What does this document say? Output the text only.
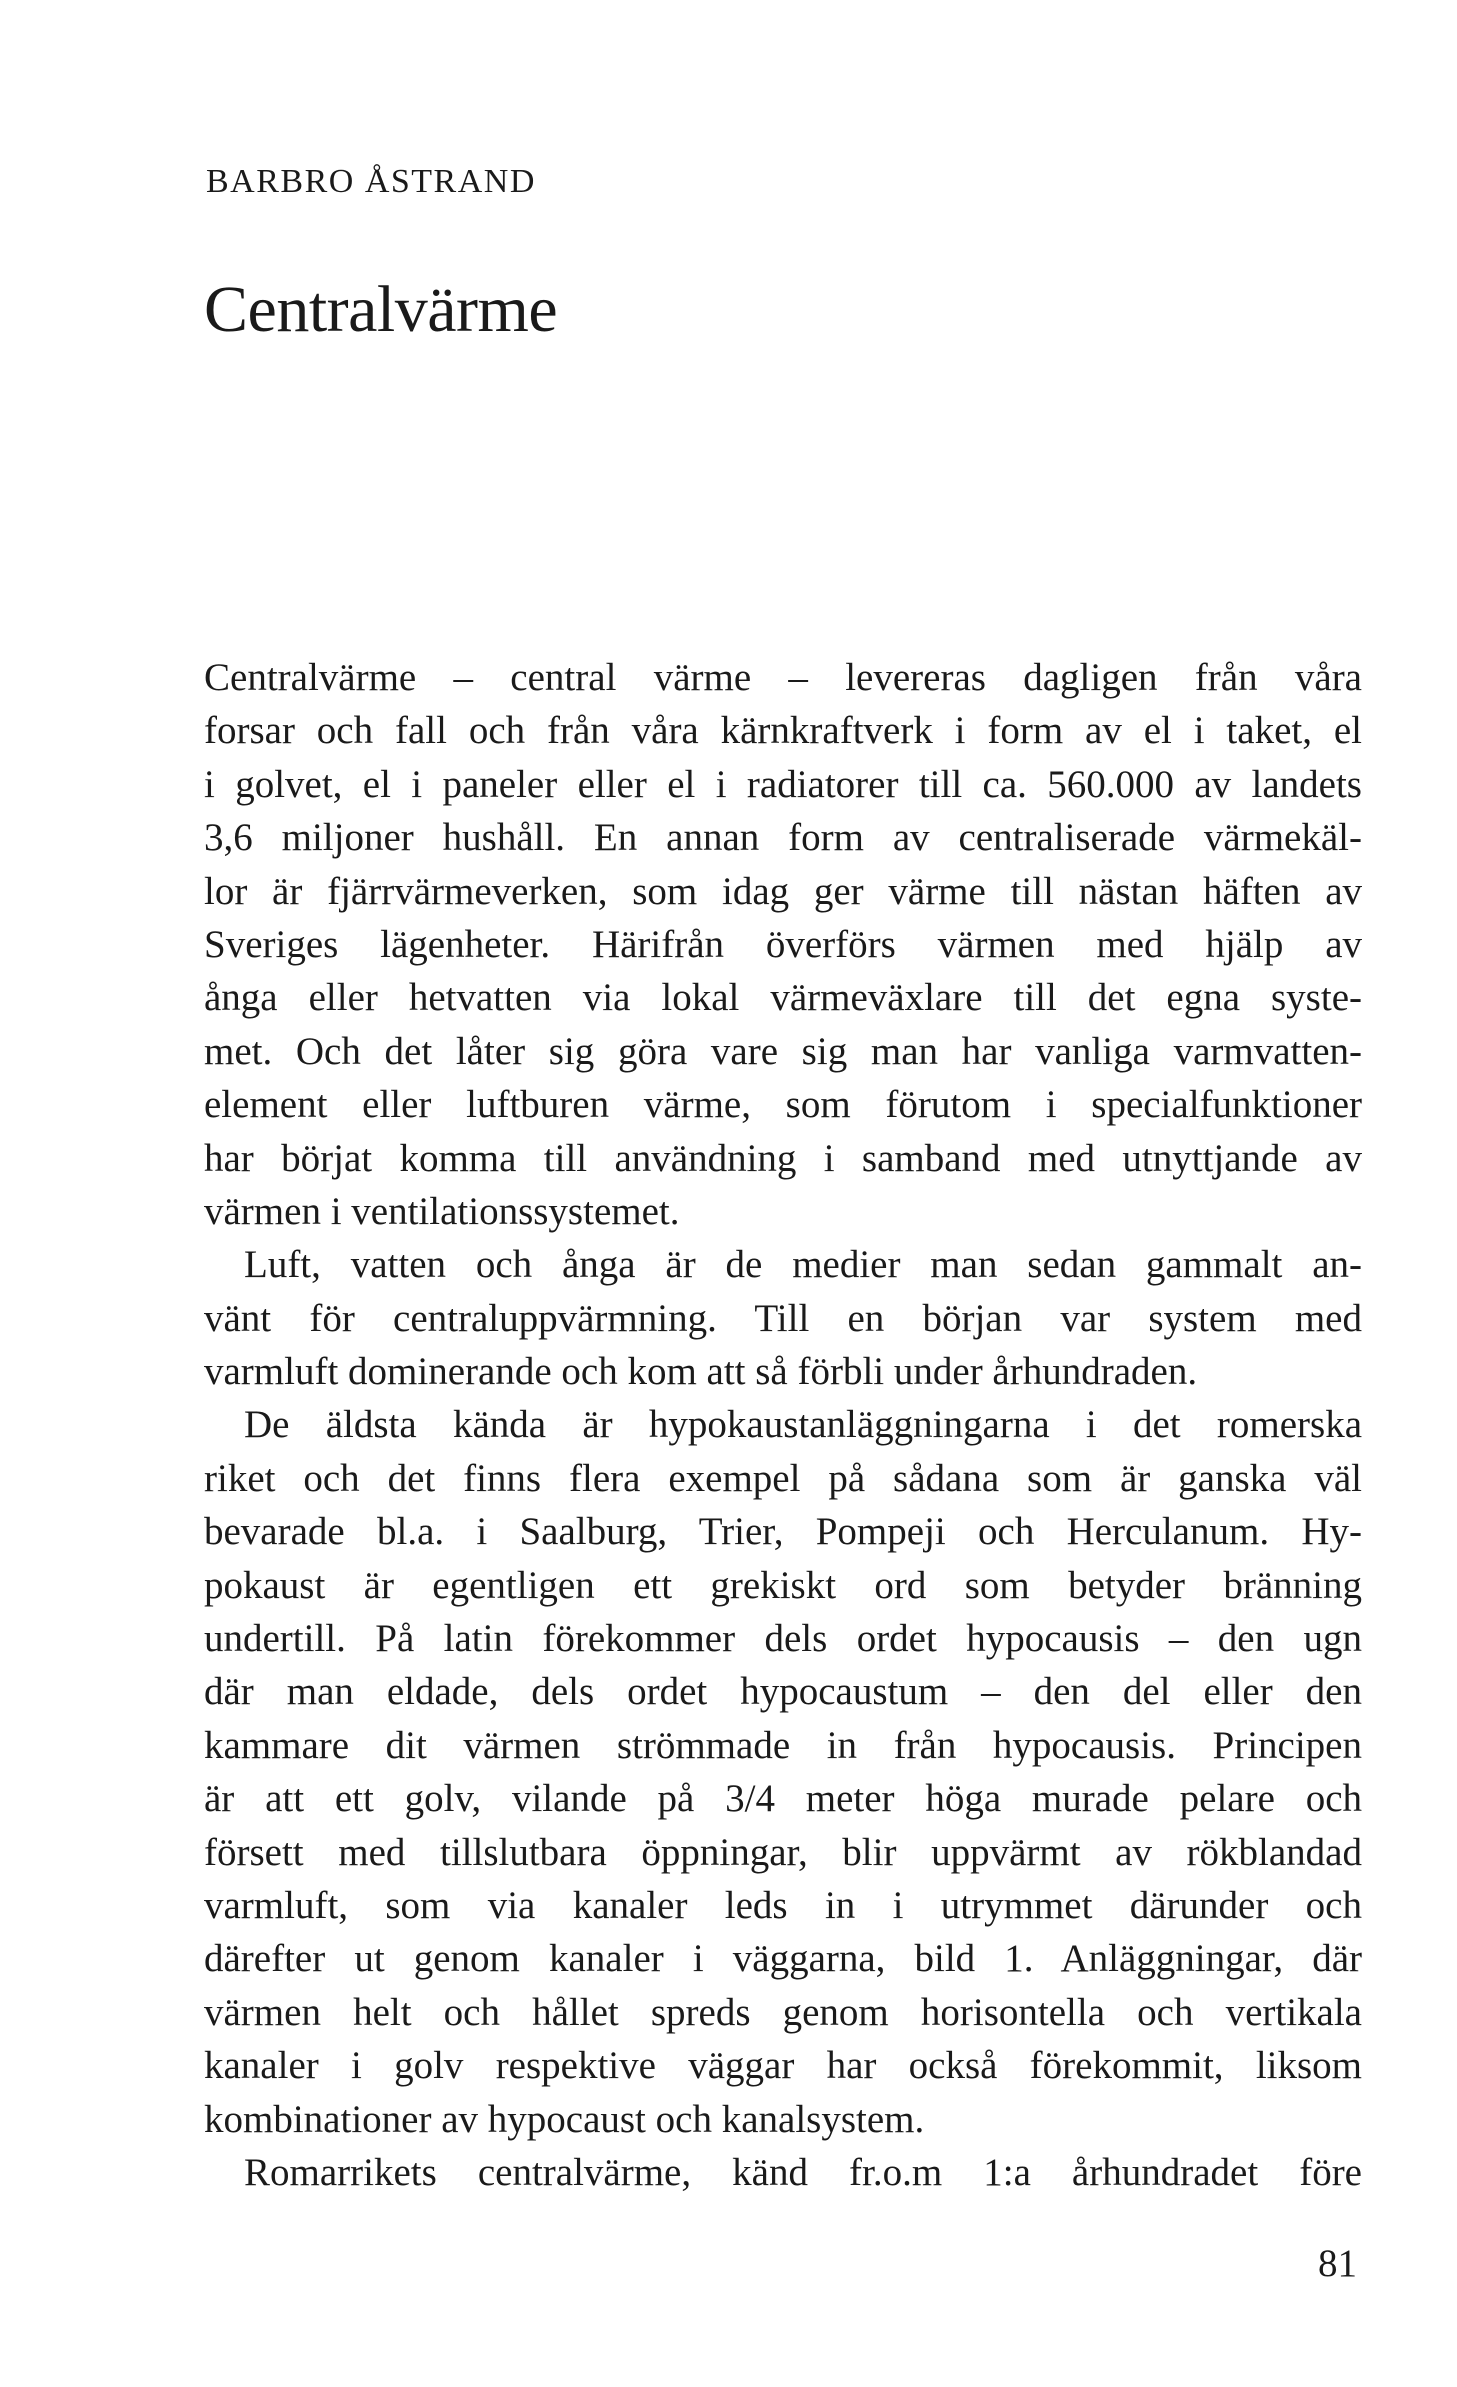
BARBRO ÅSTRAND
Centralvärme
Centralvärme – central värme – levereras dagligen från våra
forsar och fall och från våra kärnkraftverk i form av el i taket, el
i golvet, el i paneler eller el i radiatorer till ca. 560.000 av landets
3,6 miljoner hushåll. En annan form av centraliserade värmekäl-
lor är fjärrvärmeverken, som idag ger värme till nästan häften av
Sveriges lägenheter. Härifrån överförs värmen med hjälp av
ånga eller hetvatten via lokal värmeväxlare till det egna syste-
met. Och det låter sig göra vare sig man har vanliga varmvatten-
element eller luftburen värme, som förutom i specialfunktioner
har börjat komma till användning i samband med utnyttjande av
värmen i ventilationssystemet.
Luft, vatten och ånga är de medier man sedan gammalt an-
vänt för centraluppvärmning. Till en början var system med
varmluft dominerande och kom att så förbli under århundraden.
De äldsta kända är hypokaustanläggningarna i det romerska
riket och det finns flera exempel på sådana som är ganska väl
bevarade bl.a. i Saalburg, Trier, Pompeji och Herculanum. Hy-
pokaust är egentligen ett grekiskt ord som betyder bränning
undertill. På latin förekommer dels ordet hypocausis – den ugn
där man eldade, dels ordet hypocaustum – den del eller den
kammare dit värmen strömmade in från hypocausis. Principen
är att ett golv, vilande på 3/4 meter höga murade pelare och
försett med tillslutbara öppningar, blir uppvärmt av rökblandad
varmluft, som via kanaler leds in i utrymmet därunder och
därefter ut genom kanaler i väggarna, bild 1. Anläggningar, där
värmen helt och hållet spreds genom horisontella och vertikala
kanaler i golv respektive väggar har också förekommit, liksom
kombinationer av hypocaust och kanalsystem.
Romarrikets centralvärme, känd fr.o.m 1:a århundradet före
81
